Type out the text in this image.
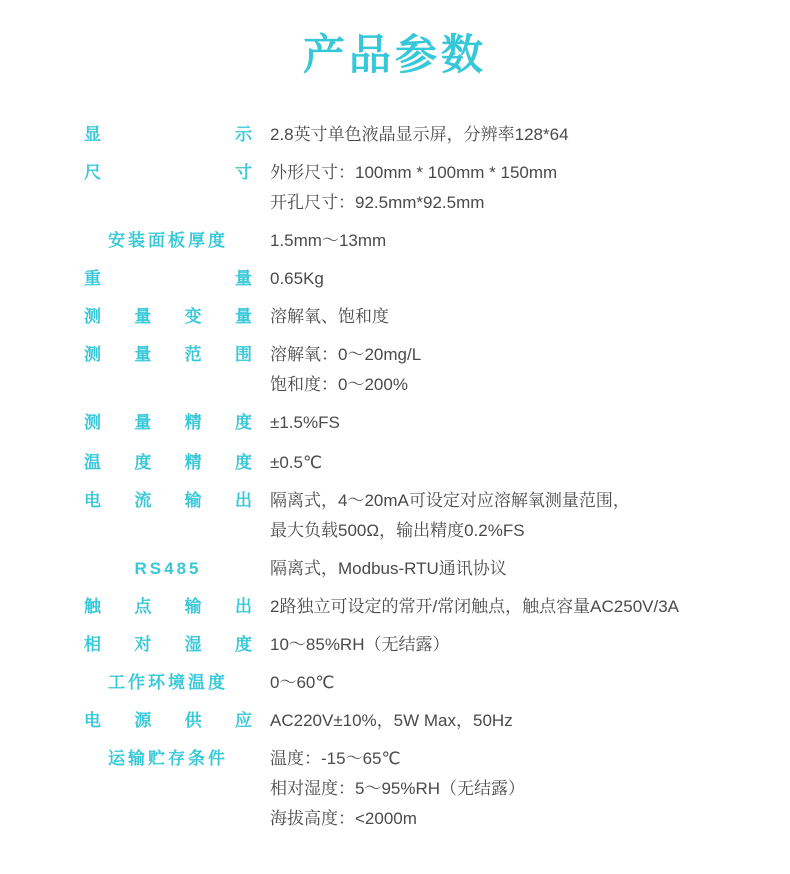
产品参数
显示	2.8英寸单色液晶显示屏，分辨率128*64

尺寸	外形尺寸：100mm * 100mm * 150mm
开孔尺寸：92.5mm*92.5mm

安装面板厚度	1.5mm～13mm

重量	0.65Kg

测量变量	溶解氧、饱和度

测量范围	溶解氧：0～20mg/L
饱和度：0～200%

测量精度	±1.5%FS

温度精度	±0.5℃

电流输出	隔离式，4～20mA可设定对应溶解氧测量范围，
最大负载500Ω，输出精度0.2%FS

RS485	隔离式，Modbus-RTU通讯协议

触点输出	2路独立可设定的常开/常闭触点，触点容量AC250V/3A

相对湿度	10～85%RH（无结露）

工作环境温度	0～60℃

电源供应	AC220V±10%，5W Max，50Hz

运输贮存条件	温度：-15～65℃
相对湿度：5～95%RH（无结露）
海拔高度：<2000m
